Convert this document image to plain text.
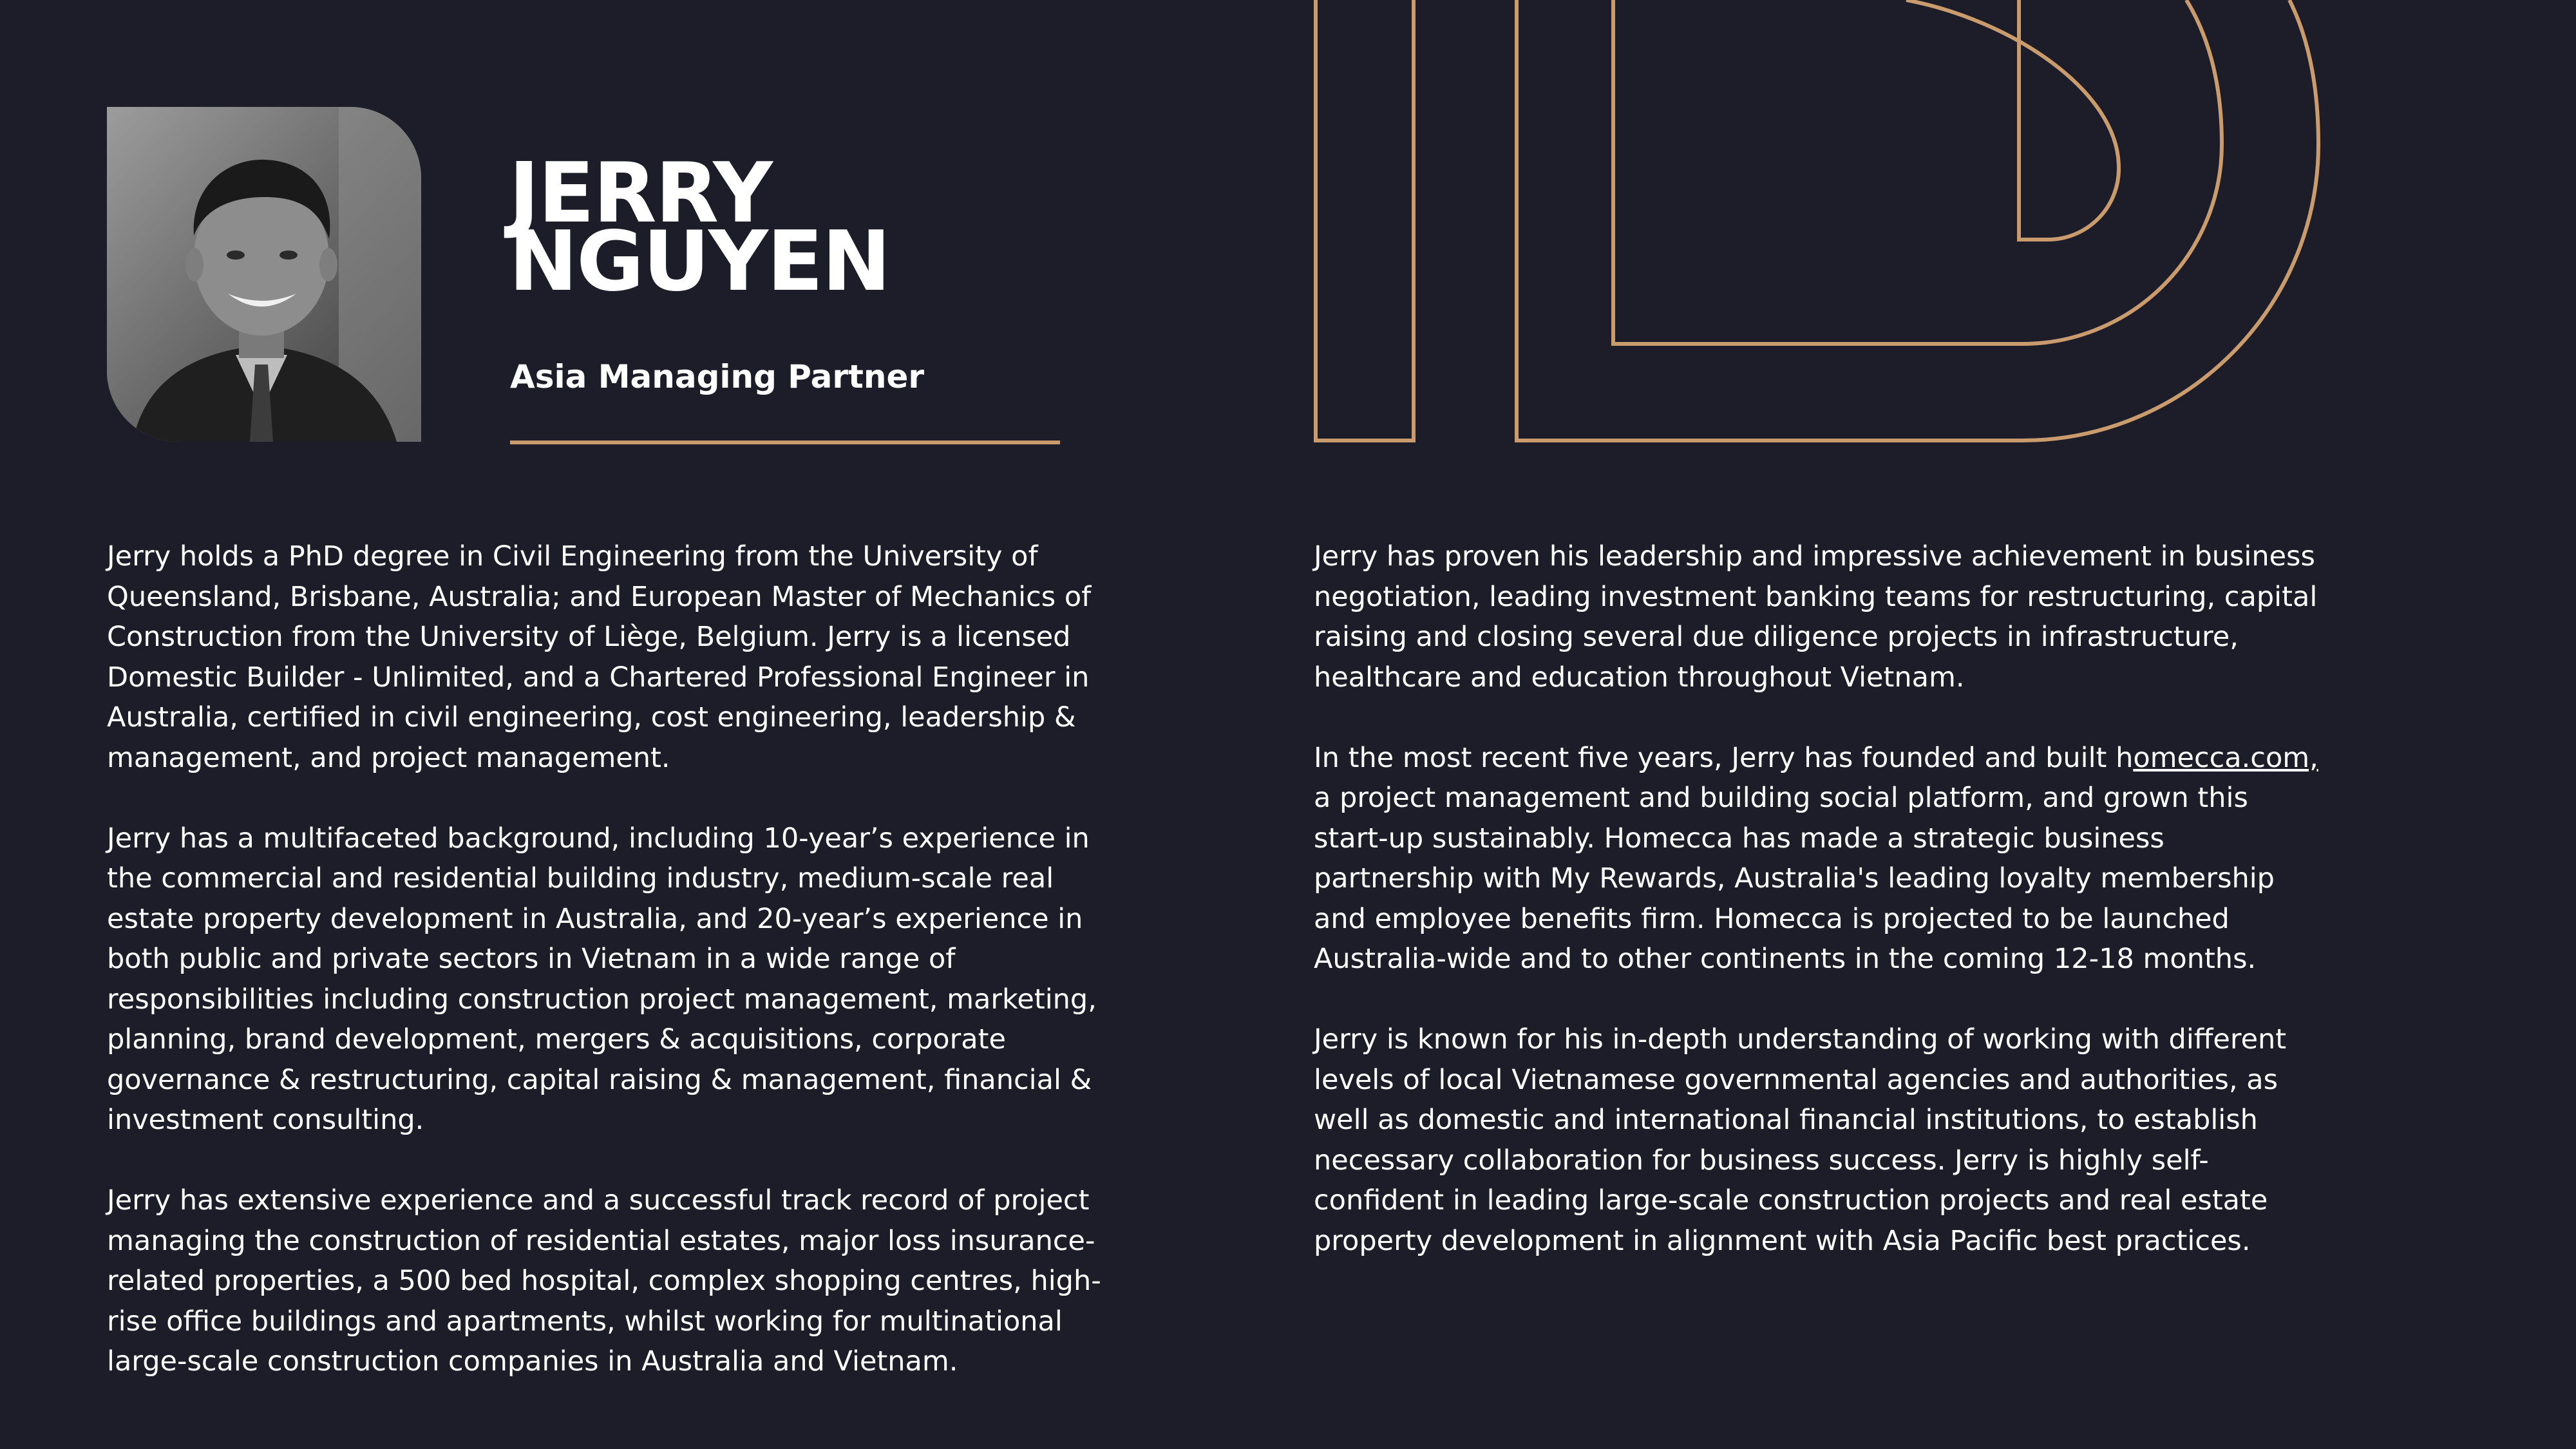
JERRY
NGUYEN
Asia Managing Partner

Jerry holds a PhD degree in Civil Engineering from the University of Queensland, Brisbane, Australia; and European Master of Mechanics of Construction from the University of Liège, Belgium. Jerry is a licensed Domestic Builder - Unlimited, and a Chartered Professional Engineer in Australia, certified in civil engineering, cost engineering, leadership & management, and project management.

Jerry has a multifaceted background, including 10-year’s experience in the commercial and residential building industry, medium-scale real estate property development in Australia, and 20-year’s experience in both public and private sectors in Vietnam in a wide range of responsibilities including construction project management, marketing, planning, brand development, mergers & acquisitions, corporate governance & restructuring, capital raising & management, financial & investment consulting.

Jerry has extensive experience and a successful track record of project managing the construction of residential estates, major loss insurance-related properties, a 500 bed hospital, complex shopping centres, high-rise office buildings and apartments, whilst working for multinational large-scale construction companies in Australia and Vietnam.

Jerry has proven his leadership and impressive achievement in business negotiation, leading investment banking teams for restructuring, capital raising and closing several due diligence projects in infrastructure, healthcare and education throughout Vietnam.

In the most recent five years, Jerry has founded and built homecca.com, a project management and building social platform, and grown this start-up sustainably. Homecca has made a strategic business partnership with My Rewards, Australia's leading loyalty membership and employee benefits firm. Homecca is projected to be launched Australia-wide and to other continents in the coming 12-18 months.

Jerry is known for his in-depth understanding of working with different levels of local Vietnamese governmental agencies and authorities, as well as domestic and international financial institutions, to establish necessary collaboration for business success. Jerry is highly self-confident in leading large-scale construction projects and real estate property development in alignment with Asia Pacific best practices.
